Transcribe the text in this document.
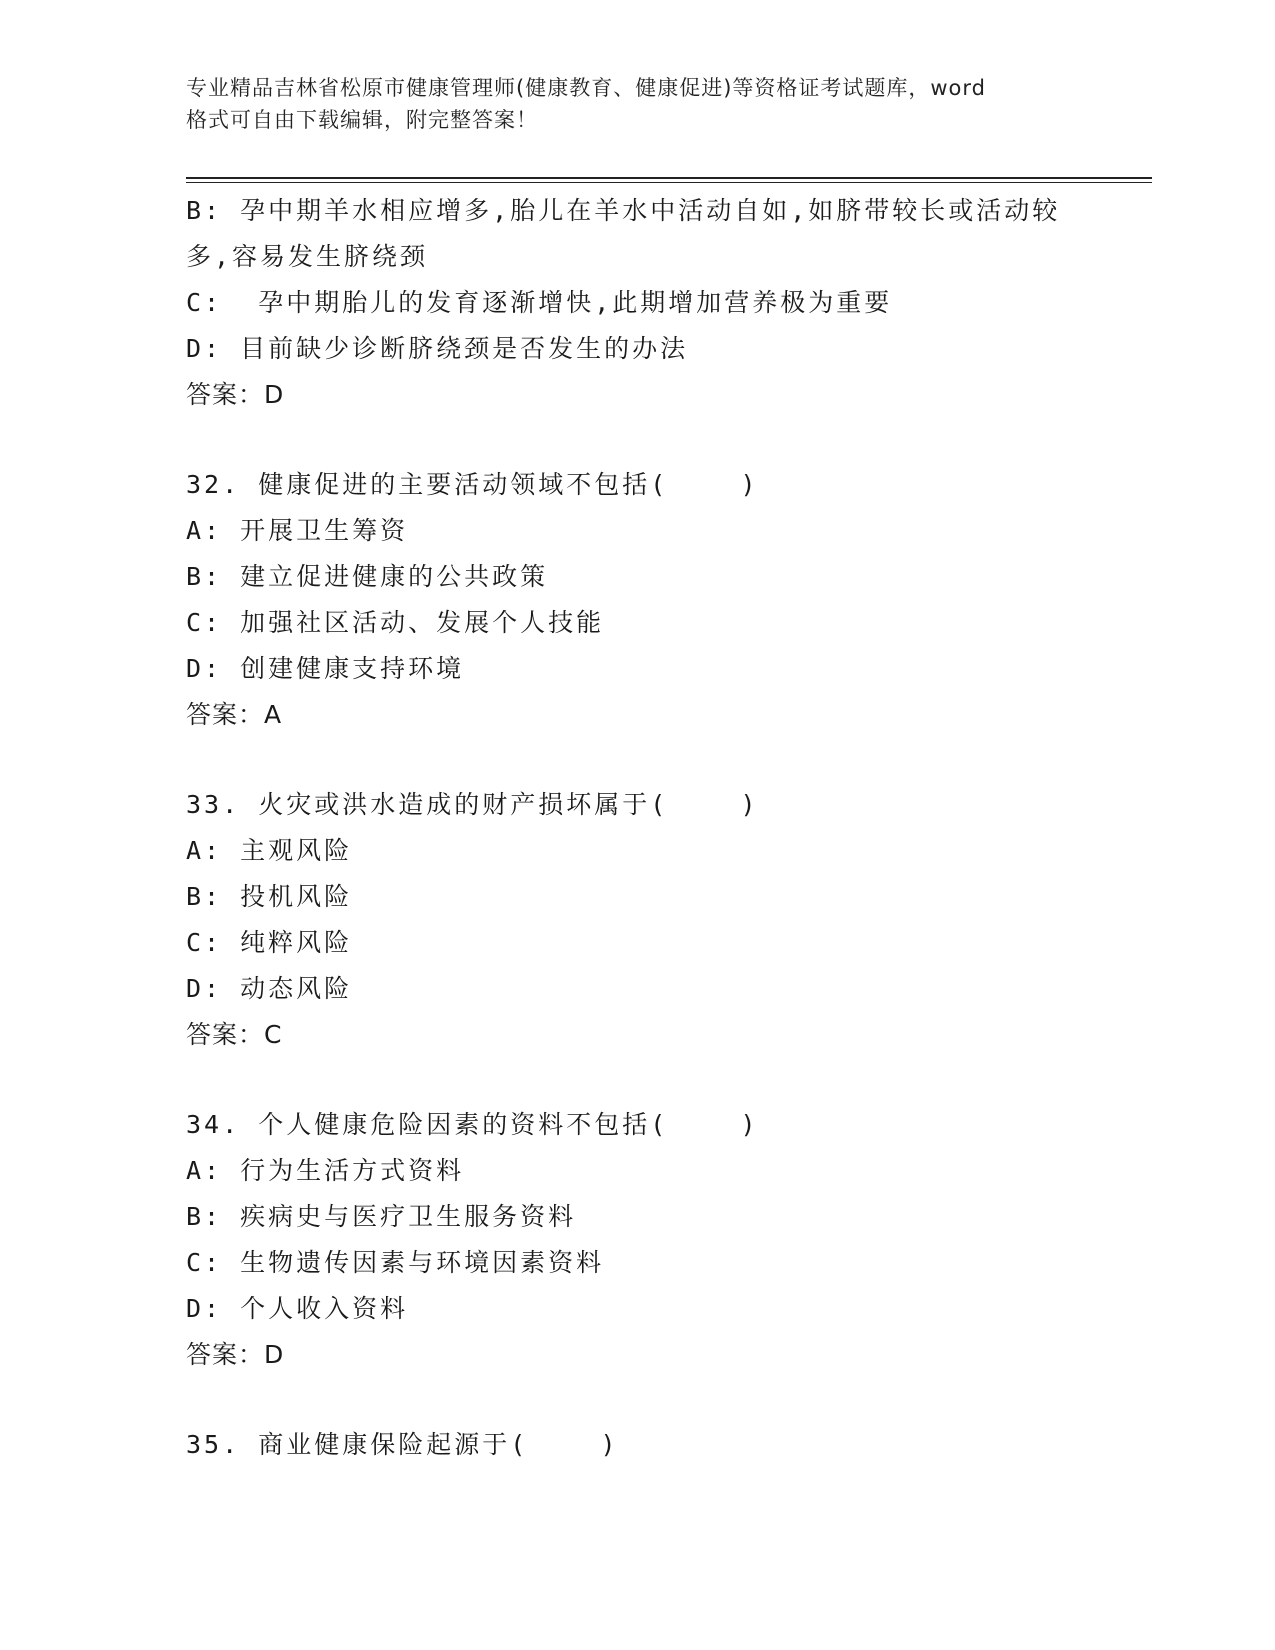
专业精品吉林省松原市健康管理师(健康教育、健康促进)等资格证考试题库，word

格式可自由下载编辑，附完整答案！

B: 孕中期羊水相应增多,胎儿在羊水中活动自如,如脐带较长或活动较

多,容易发生脐绕颈

C:  孕中期胎儿的发育逐渐增快,此期增加营养极为重要

D: 目前缺少诊断脐绕颈是否发生的办法

答案：D

32. 健康促进的主要活动领域不包括(    )

A: 开展卫生筹资

B: 建立促进健康的公共政策

C: 加强社区活动、发展个人技能

D: 创建健康支持环境

答案：A

33. 火灾或洪水造成的财产损坏属于(    )

A: 主观风险

B: 投机风险

C: 纯粹风险

D: 动态风险

答案：C

34. 个人健康危险因素的资料不包括(    )

A: 行为生活方式资料

B: 疾病史与医疗卫生服务资料

C: 生物遗传因素与环境因素资料

D: 个人收入资料

答案：D

35. 商业健康保险起源于(    )
